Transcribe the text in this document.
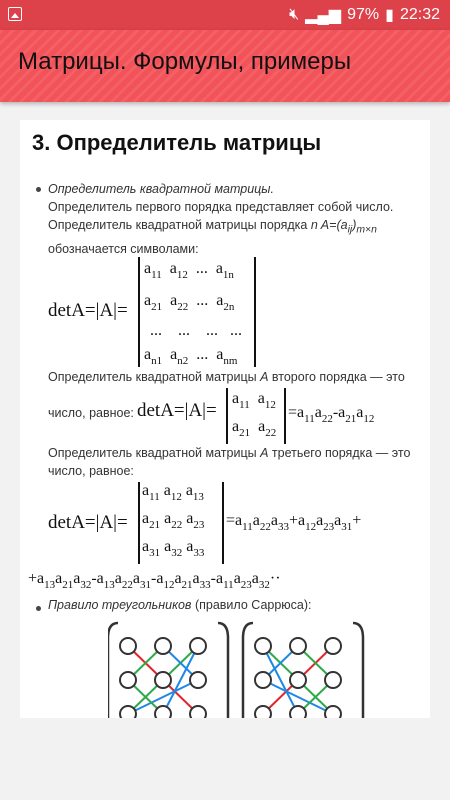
🔇︎ ▂▄▆ 97% ▮ 22:32
Матрицы. Формулы, примеры
3. Определитель матрицы
Определитель квадратной матрицы.
Определитель первого порядка представляет собой число.
Определитель квадратной матрицы порядка n $A=(a_{ij})_{m\times n}$
обозначается символами:
detA=|A|=
$a_{11}$  $a_{12}$  ...  $a_{1n}$
$a_{21}$  $a_{22}$  ...  $a_{2n}$
...    ...    ...   ...
$a_{n1}$  $a_{n2}$  ...  $a_{nm}$
Определитель квадратной матрицы A второго порядка — это
число, равное: detA=|A|=
$a_{11}$  $a_{12}$
$a_{21}$  $a_{22}$
$=a_{11}a_{22}-a_{21}a_{12}$
Определитель квадратной матрицы A третьего порядка — это
число, равное:
detA=|A|=
$a_{11}$ $a_{12}$ $a_{13}$
$a_{21}$ $a_{22}$ $a_{23}$
$a_{31}$ $a_{32}$ $a_{33}$
$=a_{11}a_{22}a_{33}+a_{12}a_{23}a_{31}+$
$+a_{13}a_{21}a_{32}-a_{13}a_{22}a_{31}-a_{12}a_{21}a_{33}-a_{11}a_{23}a_{32}\cdot\cdot$
Правило треугольников (правило Саррюса):
